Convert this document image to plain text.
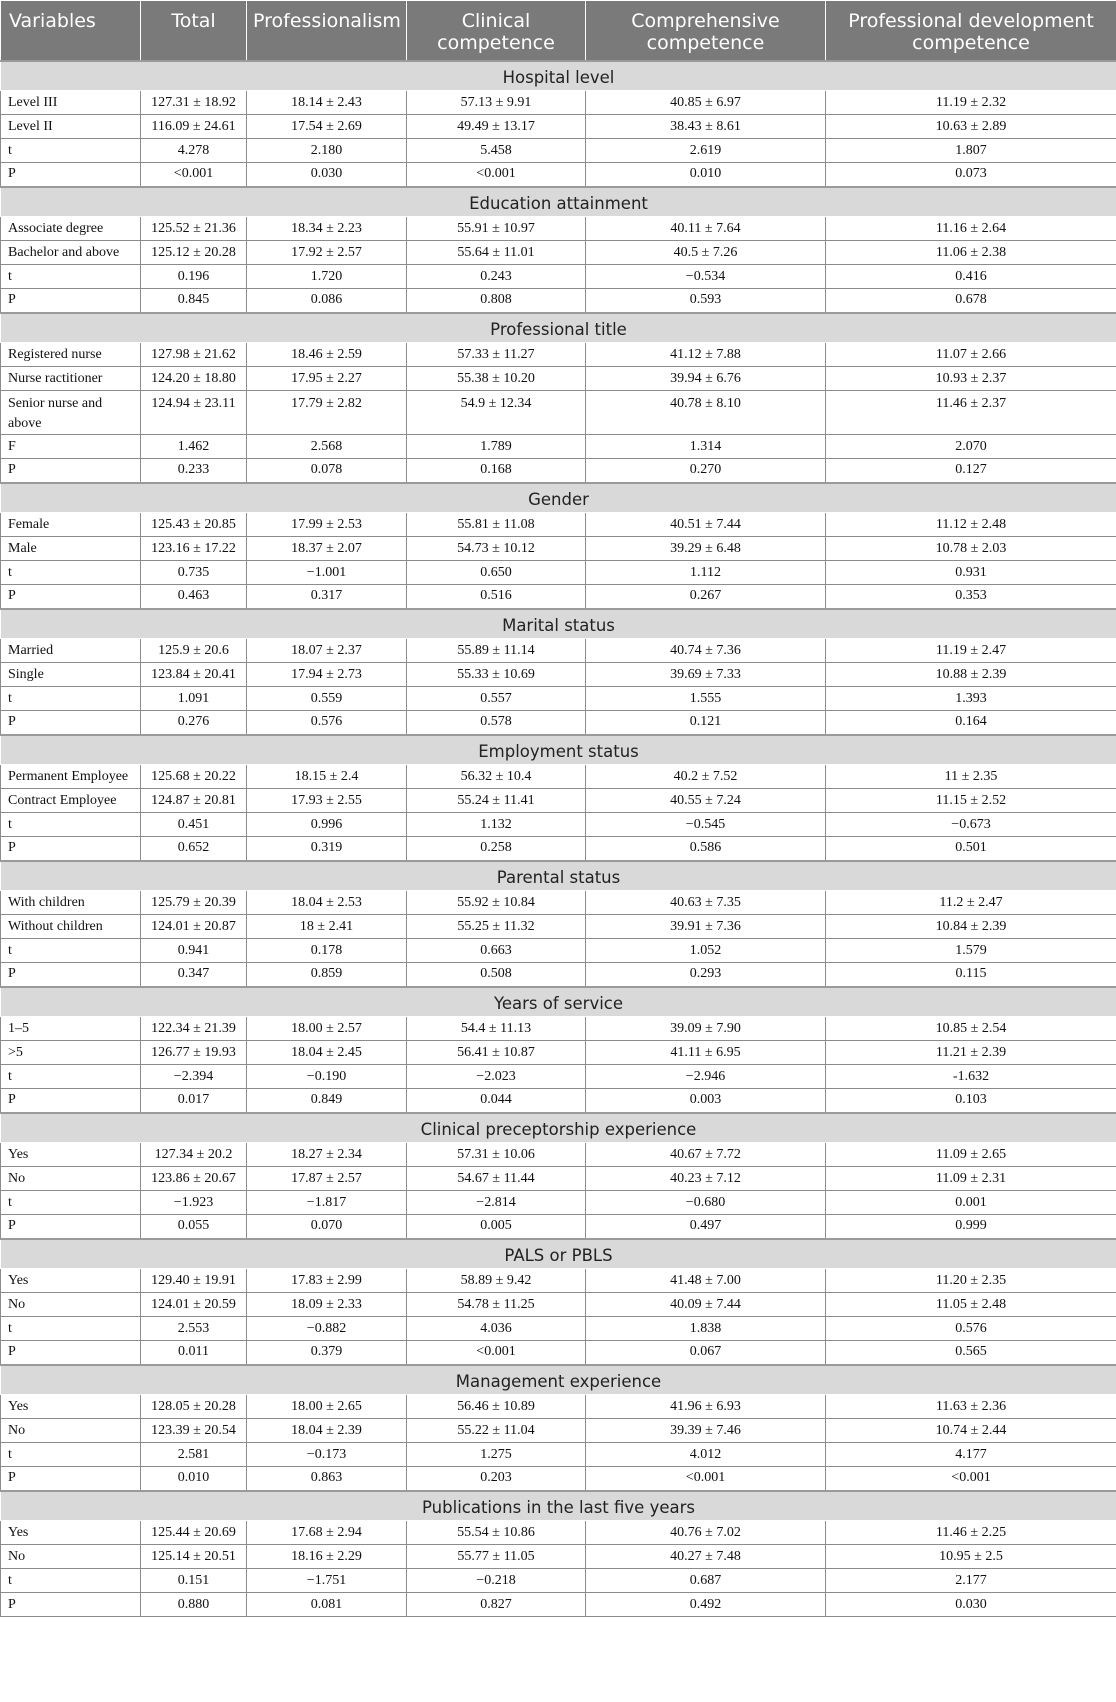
Variables	Total	Professionalism	Clinical competence	Comprehensive competence	Professional development competence
Hospital level					
Level III	127.31 ± 18.92	18.14 ± 2.43	57.13 ± 9.91	40.85 ± 6.97	11.19 ± 2.32
Level II	116.09 ± 24.61	17.54 ± 2.69	49.49 ± 13.17	38.43 ± 8.61	10.63 ± 2.89
t	4.278	2.180	5.458	2.619	1.807
P	<0.001	0.030	<0.001	0.010	0.073
Education attainment					
Associate degree	125.52 ± 21.36	18.34 ± 2.23	55.91 ± 10.97	40.11 ± 7.64	11.16 ± 2.64
Bachelor and above	125.12 ± 20.28	17.92 ± 2.57	55.64 ± 11.01	40.5 ± 7.26	11.06 ± 2.38
t	0.196	1.720	0.243	−0.534	0.416
P	0.845	0.086	0.808	0.593	0.678
Professional title					
Registered nurse	127.98 ± 21.62	18.46 ± 2.59	57.33 ± 11.27	41.12 ± 7.88	11.07 ± 2.66
Nurse ractitioner	124.20 ± 18.80	17.95 ± 2.27	55.38 ± 10.20	39.94 ± 6.76	10.93 ± 2.37
Senior nurse and above	124.94 ± 23.11	17.79 ± 2.82	54.9 ± 12.34	40.78 ± 8.10	11.46 ± 2.37
F	1.462	2.568	1.789	1.314	2.070
P	0.233	0.078	0.168	0.270	0.127
Gender					
Female	125.43 ± 20.85	17.99 ± 2.53	55.81 ± 11.08	40.51 ± 7.44	11.12 ± 2.48
Male	123.16 ± 17.22	18.37 ± 2.07	54.73 ± 10.12	39.29 ± 6.48	10.78 ± 2.03
t	0.735	−1.001	0.650	1.112	0.931
P	0.463	0.317	0.516	0.267	0.353
Marital status					
Married	125.9 ± 20.6	18.07 ± 2.37	55.89 ± 11.14	40.74 ± 7.36	11.19 ± 2.47
Single	123.84 ± 20.41	17.94 ± 2.73	55.33 ± 10.69	39.69 ± 7.33	10.88 ± 2.39
t	1.091	0.559	0.557	1.555	1.393
P	0.276	0.576	0.578	0.121	0.164
Employment status					
Permanent Employee	125.68 ± 20.22	18.15 ± 2.4	56.32 ± 10.4	40.2 ± 7.52	11 ± 2.35
Contract Employee	124.87 ± 20.81	17.93 ± 2.55	55.24 ± 11.41	40.55 ± 7.24	11.15 ± 2.52
t	0.451	0.996	1.132	−0.545	−0.673
P	0.652	0.319	0.258	0.586	0.501
Parental status					
With children	125.79 ± 20.39	18.04 ± 2.53	55.92 ± 10.84	40.63 ± 7.35	11.2 ± 2.47
Without children	124.01 ± 20.87	18 ± 2.41	55.25 ± 11.32	39.91 ± 7.36	10.84 ± 2.39
t	0.941	0.178	0.663	1.052	1.579
P	0.347	0.859	0.508	0.293	0.115
Years of service					
1–5	122.34 ± 21.39	18.00 ± 2.57	54.4 ± 11.13	39.09 ± 7.90	10.85 ± 2.54
>5	126.77 ± 19.93	18.04 ± 2.45	56.41 ± 10.87	41.11 ± 6.95	11.21 ± 2.39
t	−2.394	−0.190	−2.023	−2.946	-1.632
P	0.017	0.849	0.044	0.003	0.103
Clinical preceptorship experience					
Yes	127.34 ± 20.2	18.27 ± 2.34	57.31 ± 10.06	40.67 ± 7.72	11.09 ± 2.65
No	123.86 ± 20.67	17.87 ± 2.57	54.67 ± 11.44	40.23 ± 7.12	11.09 ± 2.31
t	−1.923	−1.817	−2.814	−0.680	0.001
P	0.055	0.070	0.005	0.497	0.999
PALS or PBLS					
Yes	129.40 ± 19.91	17.83 ± 2.99	58.89 ± 9.42	41.48 ± 7.00	11.20 ± 2.35
No	124.01 ± 20.59	18.09 ± 2.33	54.78 ± 11.25	40.09 ± 7.44	11.05 ± 2.48
t	2.553	−0.882	4.036	1.838	0.576
P	0.011	0.379	<0.001	0.067	0.565
Management experience					
Yes	128.05 ± 20.28	18.00 ± 2.65	56.46 ± 10.89	41.96 ± 6.93	11.63 ± 2.36
No	123.39 ± 20.54	18.04 ± 2.39	55.22 ± 11.04	39.39 ± 7.46	10.74 ± 2.44
t	2.581	−0.173	1.275	4.012	4.177
P	0.010	0.863	0.203	<0.001	<0.001
Publications in the last five years					
Yes	125.44 ± 20.69	17.68 ± 2.94	55.54 ± 10.86	40.76 ± 7.02	11.46 ± 2.25
No	125.14 ± 20.51	18.16 ± 2.29	55.77 ± 11.05	40.27 ± 7.48	10.95 ± 2.5
t	0.151	−1.751	−0.218	0.687	2.177
P	0.880	0.081	0.827	0.492	0.030
